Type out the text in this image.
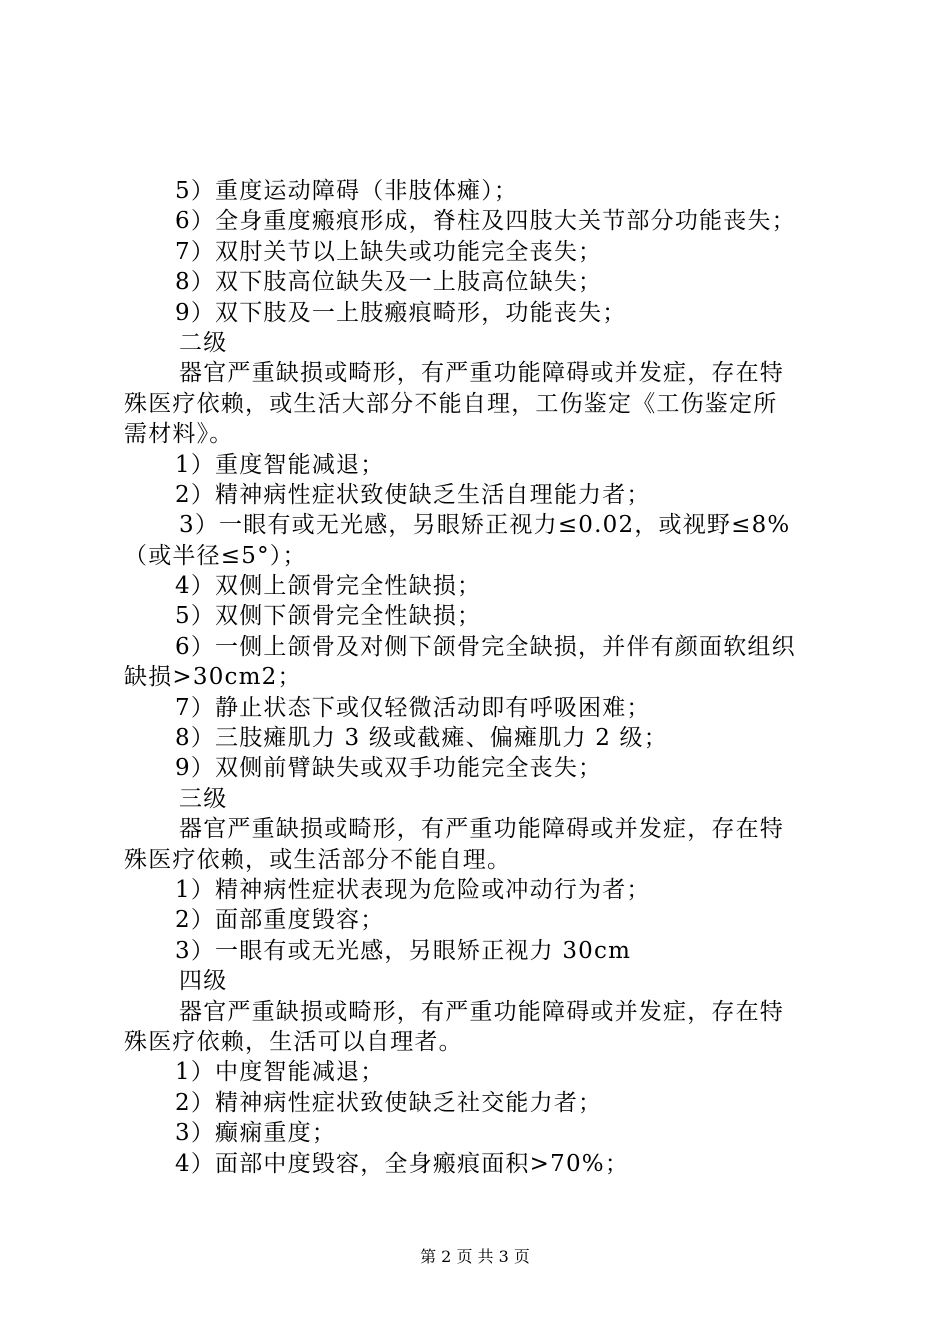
5）重度运动障碍（非肢体瘫）；
6）全身重度瘢痕形成，脊柱及四肢大关节部分功能丧失；
7）双肘关节以上缺失或功能完全丧失；
8）双下肢高位缺失及一上肢高位缺失；
9）双下肢及一上肢瘢痕畸形，功能丧失；
二级
器官严重缺损或畸形，有严重功能障碍或并发症，存在特
殊医疗依赖，或生活大部分不能自理，工伤鉴定《工伤鉴定所
需材料》。
1）重度智能减退；
2）精神病性症状致使缺乏生活自理能力者；
3）一眼有或无光感，另眼矫正视力≤0.02，或视野≤8%
（或半径≤5°）；
4）双侧上颌骨完全性缺损；
5）双侧下颌骨完全性缺损；
6）一侧上颌骨及对侧下颌骨完全缺损，并伴有颜面软组织
缺损>30cm2；
7）静止状态下或仅轻微活动即有呼吸困难；
8）三肢瘫肌力 3 级或截瘫、偏瘫肌力 2 级；
9）双侧前臂缺失或双手功能完全丧失；
三级
器官严重缺损或畸形，有严重功能障碍或并发症，存在特
殊医疗依赖，或生活部分不能自理。
1）精神病性症状表现为危险或冲动行为者；
2）面部重度毁容；
3）一眼有或无光感，另眼矫正视力 30cm
四级
器官严重缺损或畸形，有严重功能障碍或并发症，存在特
殊医疗依赖，生活可以自理者。
1）中度智能减退；
2）精神病性症状致使缺乏社交能力者；
3）癫痫重度；
4）面部中度毁容，全身瘢痕面积>70%；
第 2 页 共 3 页
